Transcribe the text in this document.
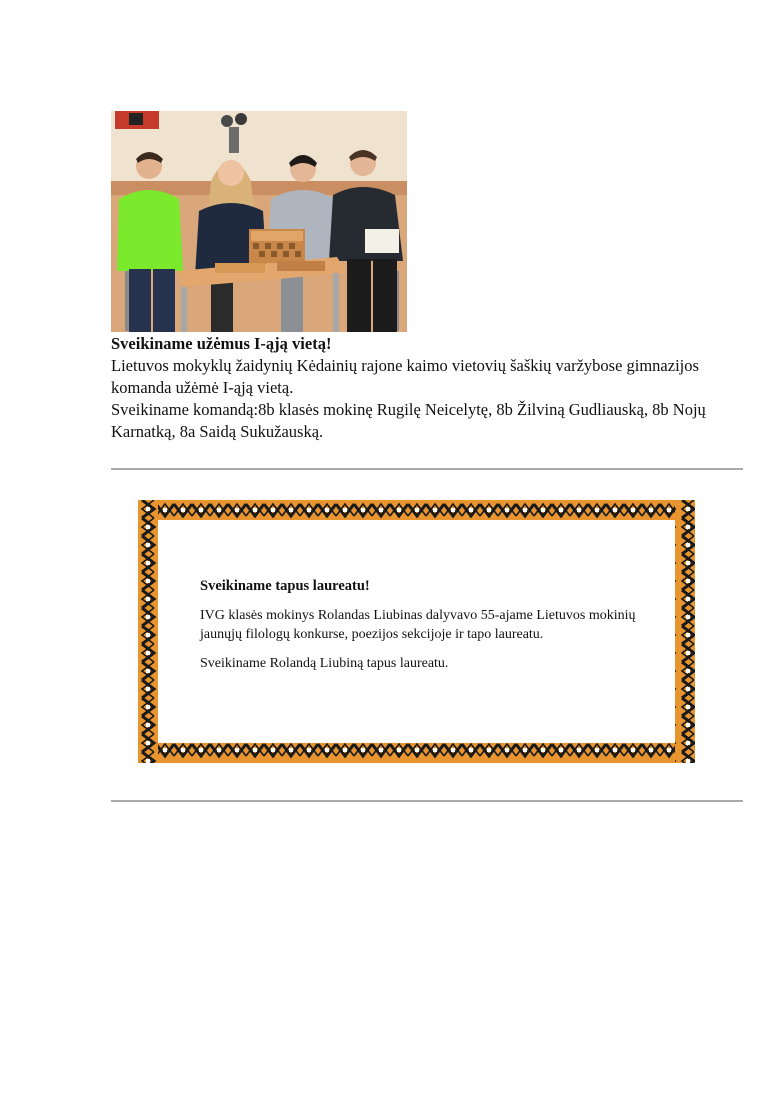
Sveikiname užėmus I-ąją vietą!

Lietuvos mokyklų žaidynių Kėdainių rajone kaimo vietovių šaškių varžybose gimnazijos komanda užėmė I-ąją vietą.

Sveikiname komandą:8b klasės mokinę Rugilę Neicelytę, 8b Žilviną Gudliauską, 8b Nojų Karnatką, 8a Saidą Sukužauską.

Sveikiname tapus laureatu!

IVG klasės mokinys Rolandas Liubinas dalyvavo 55-ajame Lietuvos mokinių jaunųjų filologų konkurse, poezijos sekcijoje ir tapo laureatu.

Sveikiname Rolandą Liubiną tapus laureatu.
